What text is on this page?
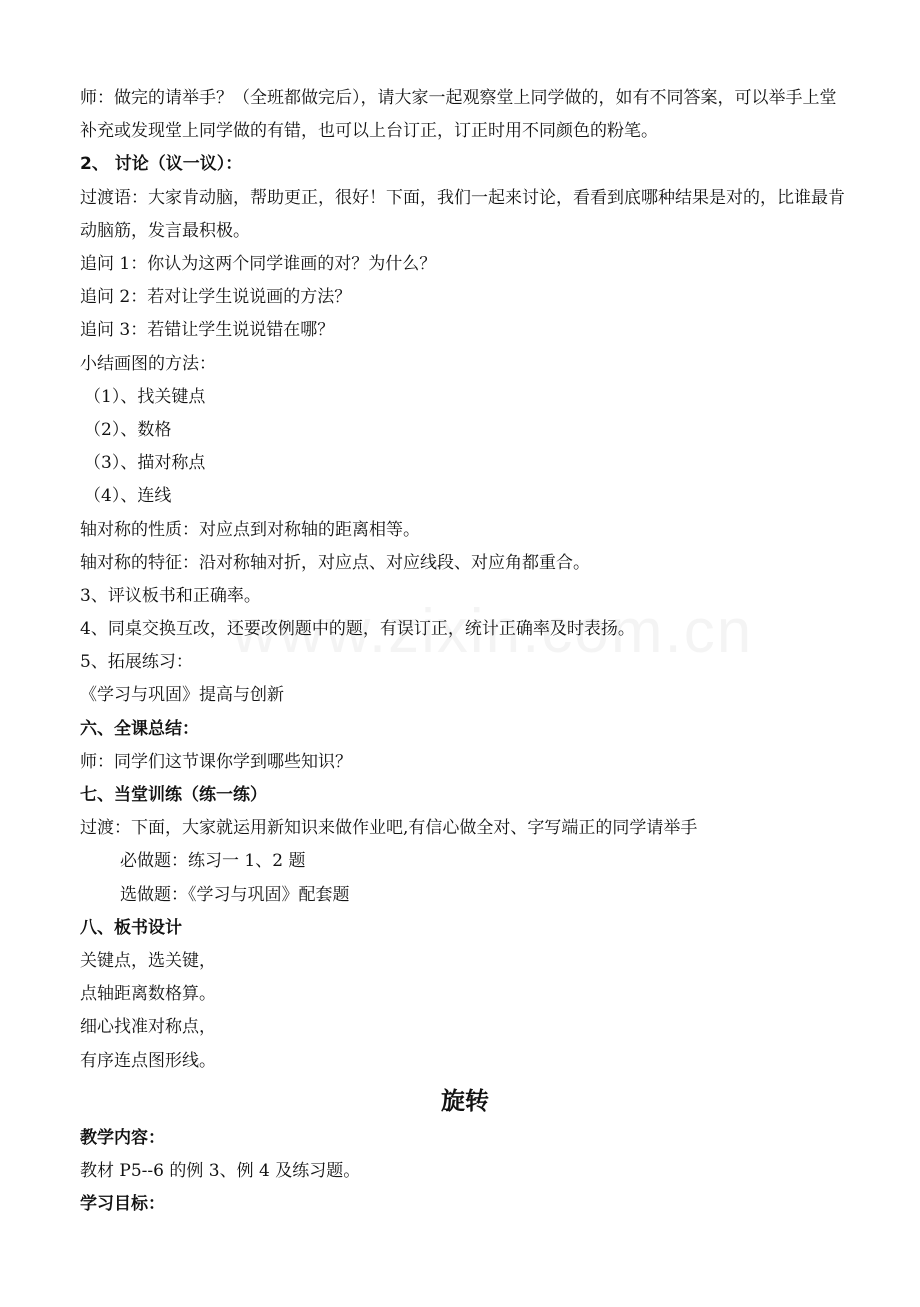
师：做完的请举手？（全班都做完后），请大家一起观察堂上同学做的，如有不同答案，可以举手上堂补充或发现堂上同学做的有错，也可以上台订正，订正时用不同颜色的粉笔。
2、 讨论（议一议）：
过渡语：大家肯动脑，帮助更正，很好！下面，我们一起来讨论，看看到底哪种结果是对的，比谁最肯动脑筋，发言最积极。
追问 1：你认为这两个同学谁画的对？为什么？
追问 2：若对让学生说说画的方法？
追问 3：若错让学生说说错在哪？
小结画图的方法：
（1）、找关键点
（2）、数格
（3）、描对称点
（4）、连线
轴对称的性质：对应点到对称轴的距离相等。
轴对称的特征：沿对称轴对折，对应点、对应线段、对应角都重合。
3、评议板书和正确率。
4、同桌交换互改，还要改例题中的题，有误订正，统计正确率及时表扬。
5、拓展练习：
《学习与巩固》提高与创新
六、全课总结：
师：同学们这节课你学到哪些知识？
七、当堂训练（练一练）
过渡：下面，大家就运用新知识来做作业吧,有信心做全对、字写端正的同学请举手
必做题：练习一 1、2 题
选做题：《学习与巩固》配套题
八、板书设计
关键点，选关键，
点轴距离数格算。
细心找准对称点，
有序连点图形线。
旋转
教学内容：
教材 P5--6 的例 3、例 4 及练习题。
学习目标：
